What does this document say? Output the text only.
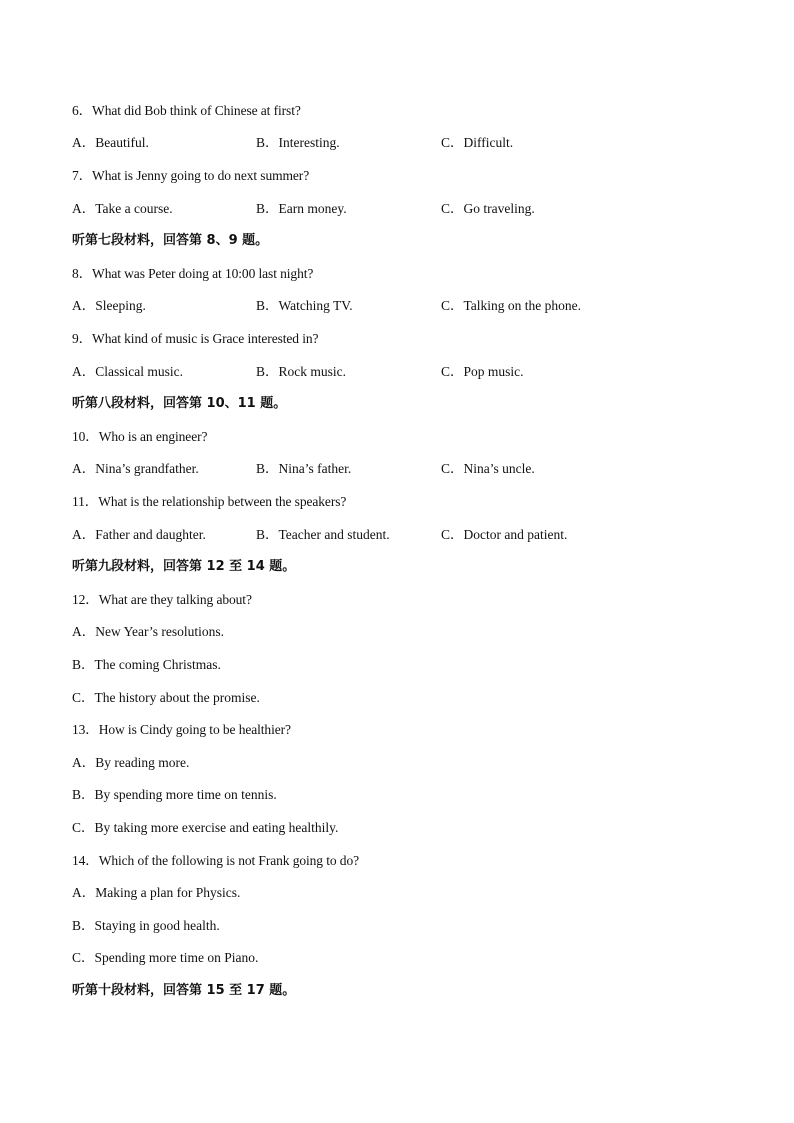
6．What did Bob think of Chinese at first?
A．Beautiful.	B．Interesting.	C．Difficult.
7．What is Jenny going to do next summer?
A．Take a course.	B．Earn money.	C．Go traveling.
听第七段材料，回答第 8、9 题。
8．What was Peter doing at 10:00 last night?
A．Sleeping.	B．Watching TV.	C．Talking on the phone.
9．What kind of music is Grace interested in?
A．Classical music.	B．Rock music.	C．Pop music.
听第八段材料，回答第 10、11 题。
10．Who is an engineer?
A．Nina’s grandfather.	B．Nina’s father.	C．Nina’s uncle.
11．What is the relationship between the speakers?
A．Father and daughter.	B．Teacher and student.	C．Doctor and patient.
听第九段材料，回答第 12 至 14 题。
12．What are they talking about?
A．New Year’s resolutions.
B．The coming Christmas.
C．The history about the promise.
13．How is Cindy going to be healthier?
A．By reading more.
B．By spending more time on tennis.
C．By taking more exercise and eating healthily.
14．Which of the following is not Frank going to do?
A．Making a plan for Physics.
B．Staying in good health.
C．Spending more time on Piano.
听第十段材料，回答第 15 至 17 题。
